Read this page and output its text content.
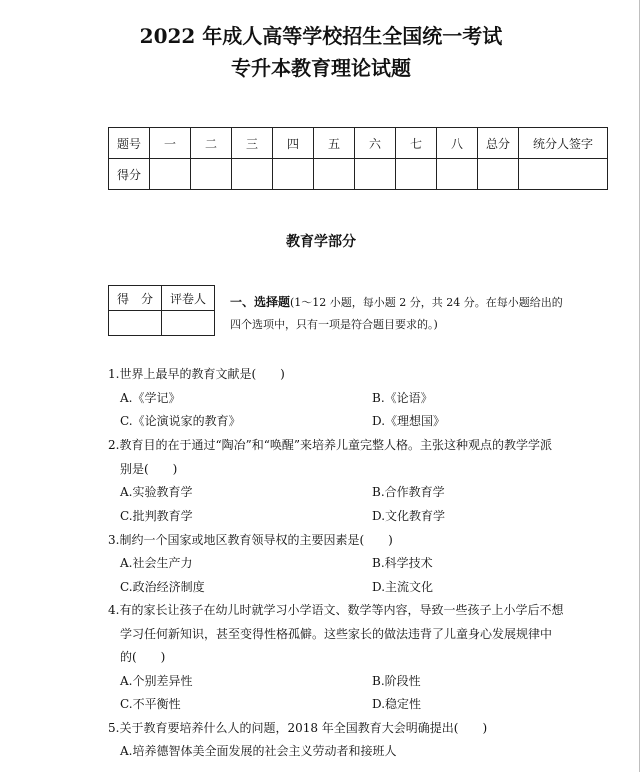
2022 年成人高等学校招生全国统一考试
专升本教育理论试题
题号	一	二	三	四	五	六	七	八	总分	统分人签字
得分										
教育学部分
得　分	评卷人
	一、选择题(1～12 小题，每小题 2 分，共 24 分。在每小题给出的
四个选项中，只有一项是符合题目要求的。)
1.世界上最早的教育文献是(　　)
A.《学记》	B.《论语》
C.《论演说家的教育》	D.《理想国》
2.教育目的在于通过“陶冶”和“唤醒”来培养儿童完整人格。主张这种观点的教学学派
别是(　　)
A.实验教育学	B.合作教育学
C.批判教育学	D.文化教育学
3.制约一个国家或地区教育领导权的主要因素是(　　)
A.社会生产力	B.科学技术
C.政治经济制度	D.主流文化
4.有的家长让孩子在幼儿时就学习小学语文、数学等内容，导致一些孩子上小学后不想
学习任何新知识，甚至变得性格孤僻。这些家长的做法违背了儿童身心发展规律中
的(　　)
A.个别差异性	B.阶段性
C.不平衡性	D.稳定性
5.关于教育要培养什么人的问题，2018 年全国教育大会明确提出(　　)
A.培养德智体美全面发展的社会主义劳动者和接班人
